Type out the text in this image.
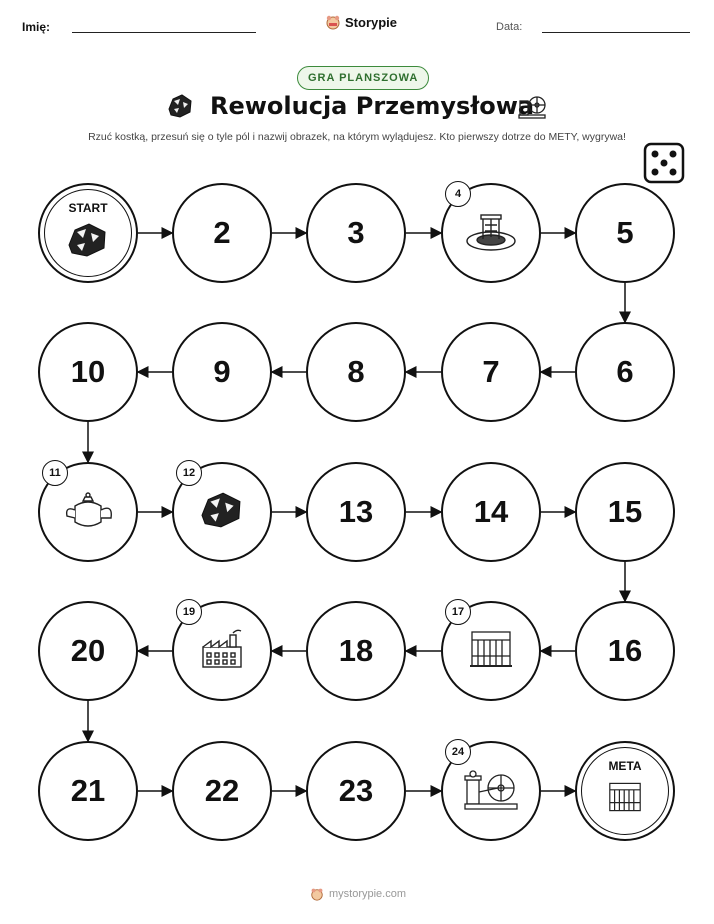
Imię:	Storypie	Data:
GRA PLANSZOWA
Rewolucja Przemysłowa
Rzuć kostką, przesuń się o tyle pól i nazwij obrazek, na którym wylądujesz. Kto pierwszy dotrze do METY, wygrywa!
START
2	3
4
5
10	9	8	7	6
11	12
13	14	15
20
19
18
17
16
21	22	23
24
META
mystorypie.com
